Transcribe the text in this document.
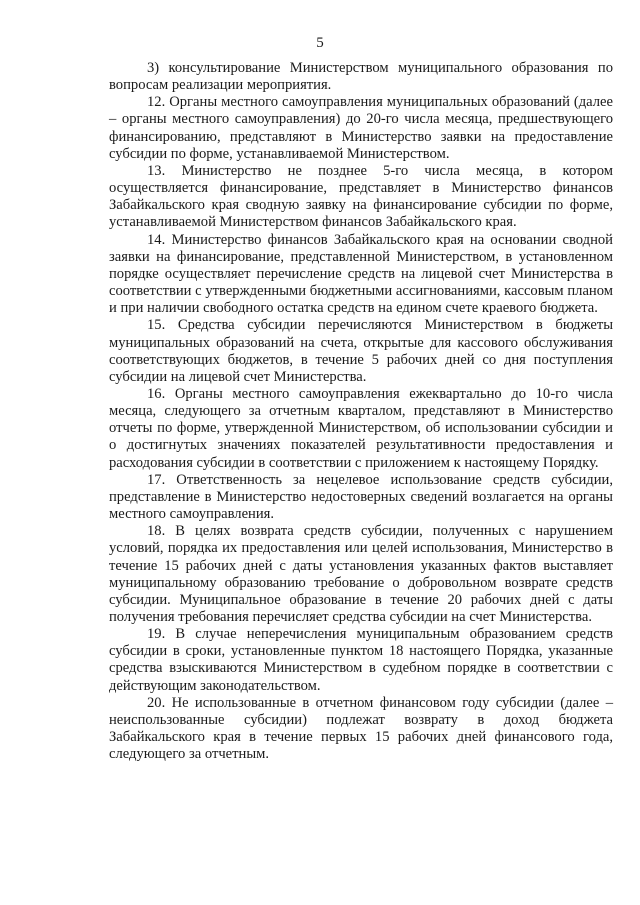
5

3) консультирование Министерством муниципального образования по вопросам реализации мероприятия.

12. Органы местного самоуправления муниципальных образований (далее – органы местного самоуправления) до 20-го числа месяца, предшествующего финансированию, представляют в Министерство заявки на предоставление субсидии по форме, устанавливаемой Министерством.

13. Министерство не позднее 5-го числа месяца, в котором осуществляется финансирование, представляет в Министерство финансов Забайкальского края сводную заявку на финансирование субсидии по форме, устанавливаемой Министерством финансов Забайкальского края.

14. Министерство финансов Забайкальского края на основании сводной заявки на финансирование, представленной Министерством, в установленном порядке осуществляет перечисление средств на лицевой счет Министерства в соответствии с утвержденными бюджетными ассигнованиями, кассовым планом и при наличии свободного остатка средств на едином счете краевого бюджета.

15. Средства субсидии перечисляются Министерством в бюджеты муниципальных образований на счета, открытые для кассового обслуживания соответствующих бюджетов, в течение 5 рабочих дней со дня поступления субсидии на лицевой счет Министерства.

16. Органы местного самоуправления ежеквартально до 10-го числа месяца, следующего за отчетным кварталом, представляют в Министерство отчеты по форме, утвержденной Министерством, об использовании субсидии и о достигнутых значениях показателей результативности предоставления и расходования субсидии в соответствии с приложением к настоящему Порядку.

17. Ответственность за нецелевое использование средств субсидии, представление в Министерство недостоверных сведений возлагается на органы местного самоуправления.

18. В целях возврата средств субсидии, полученных с нарушением условий, порядка их предоставления или целей использования, Министерство в течение 15 рабочих дней с даты установления указанных фактов выставляет муниципальному образованию требование о добровольном возврате средств субсидии. Муниципальное образование в течение 20 рабочих дней с даты получения требования перечисляет средства субсидии на счет Министерства.

19. В случае неперечисления муниципальным образованием средств субсидии в сроки, установленные пунктом 18 настоящего Порядка, указанные средства взыскиваются Министерством в судебном порядке в соответствии с действующим законодательством.

20. Не использованные в отчетном финансовом году субсидии (далее – неиспользованные субсидии) подлежат возврату в доход бюджета Забайкальского края в течение первых 15 рабочих дней финансового года, следующего за отчетным.
